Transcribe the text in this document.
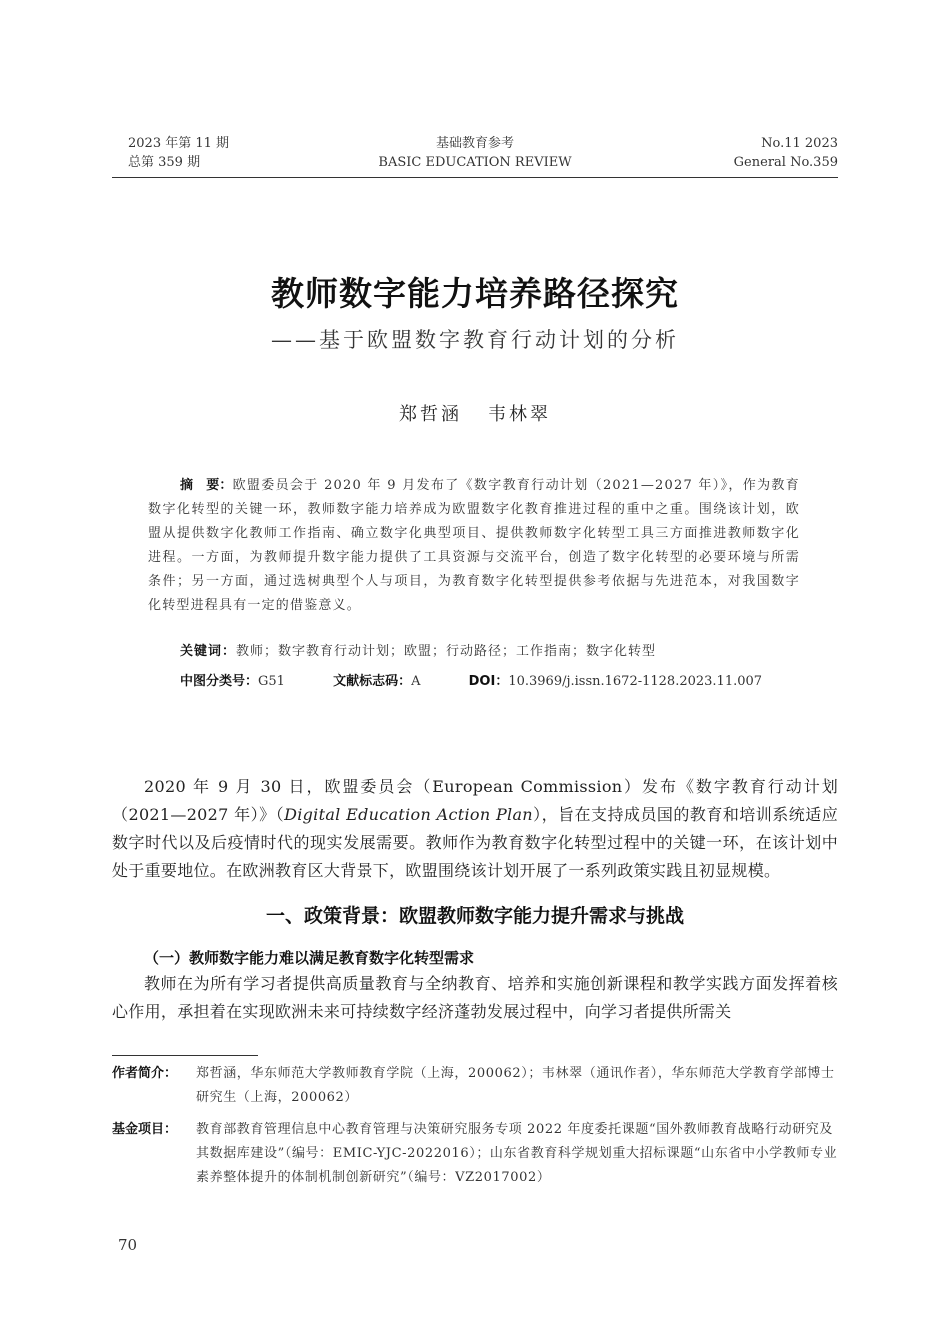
2023 年第 11 期
总第 359 期
基础教育参考
BASIC EDUCATION REVIEW
No.11 2023
General No.359
教师数字能力培养路径探究
——基于欧盟数字教育行动计划的分析
郑哲涵 韦林翠
摘　要：欧盟委员会于 2020 年 9 月发布了《数字教育行动计划（2021—2027 年）》，作为教育数字化转型的关键一环，教师数字能力培养成为欧盟数字化教育推进过程的重中之重。围绕该计划，欧盟从提供数字化教师工作指南、确立数字化典型项目、提供教师数字化转型工具三方面推进教师数字化进程。一方面，为教师提升数字能力提供了工具资源与交流平台，创造了数字化转型的必要环境与所需条件；另一方面，通过选树典型个人与项目，为教育数字化转型提供参考依据与先进范本，对我国数字化转型进程具有一定的借鉴意义。
关键词：教师；数字教育行动计划；欧盟；行动路径；工作指南；数字化转型
中图分类号：G51	文献标志码：A	DOI：10.3969/j.issn.1672-1128.2023.11.007
2020 年 9 月 30 日，欧盟委员会（European Commission）发布《数字教育行动计划（2021—2027 年）》（Digital Education Action Plan），旨在支持成员国的教育和培训系统适应数字时代以及后疫情时代的现实发展需要。教师作为教育数字化转型过程中的关键一环，在该计划中处于重要地位。在欧洲教育区大背景下，欧盟围绕该计划开展了一系列政策实践且初显规模。
一、政策背景：欧盟教师数字能力提升需求与挑战
（一）教师数字能力难以满足教育数字化转型需求
教师在为所有学习者提供高质量教育与全纳教育、培养和实施创新课程和教学实践方面发挥着核心作用，承担着在实现欧洲未来可持续数字经济蓬勃发展过程中，向学习者提供所需关
作者简介： 郑哲涵，华东师范大学教师教育学院（上海，200062）；韦林翠（通讯作者），华东师范大学教育学部博士研究生（上海，200062）
基金项目： 教育部教育管理信息中心教育管理与决策研究服务专项 2022 年度委托课题“国外教师教育战略行动研究及其数据库建设”（编号：EMIC-YJC-2022016）；山东省教育科学规划重大招标课题“山东省中小学教师专业素养整体提升的体制机制创新研究”（编号：VZ2017002）
70
